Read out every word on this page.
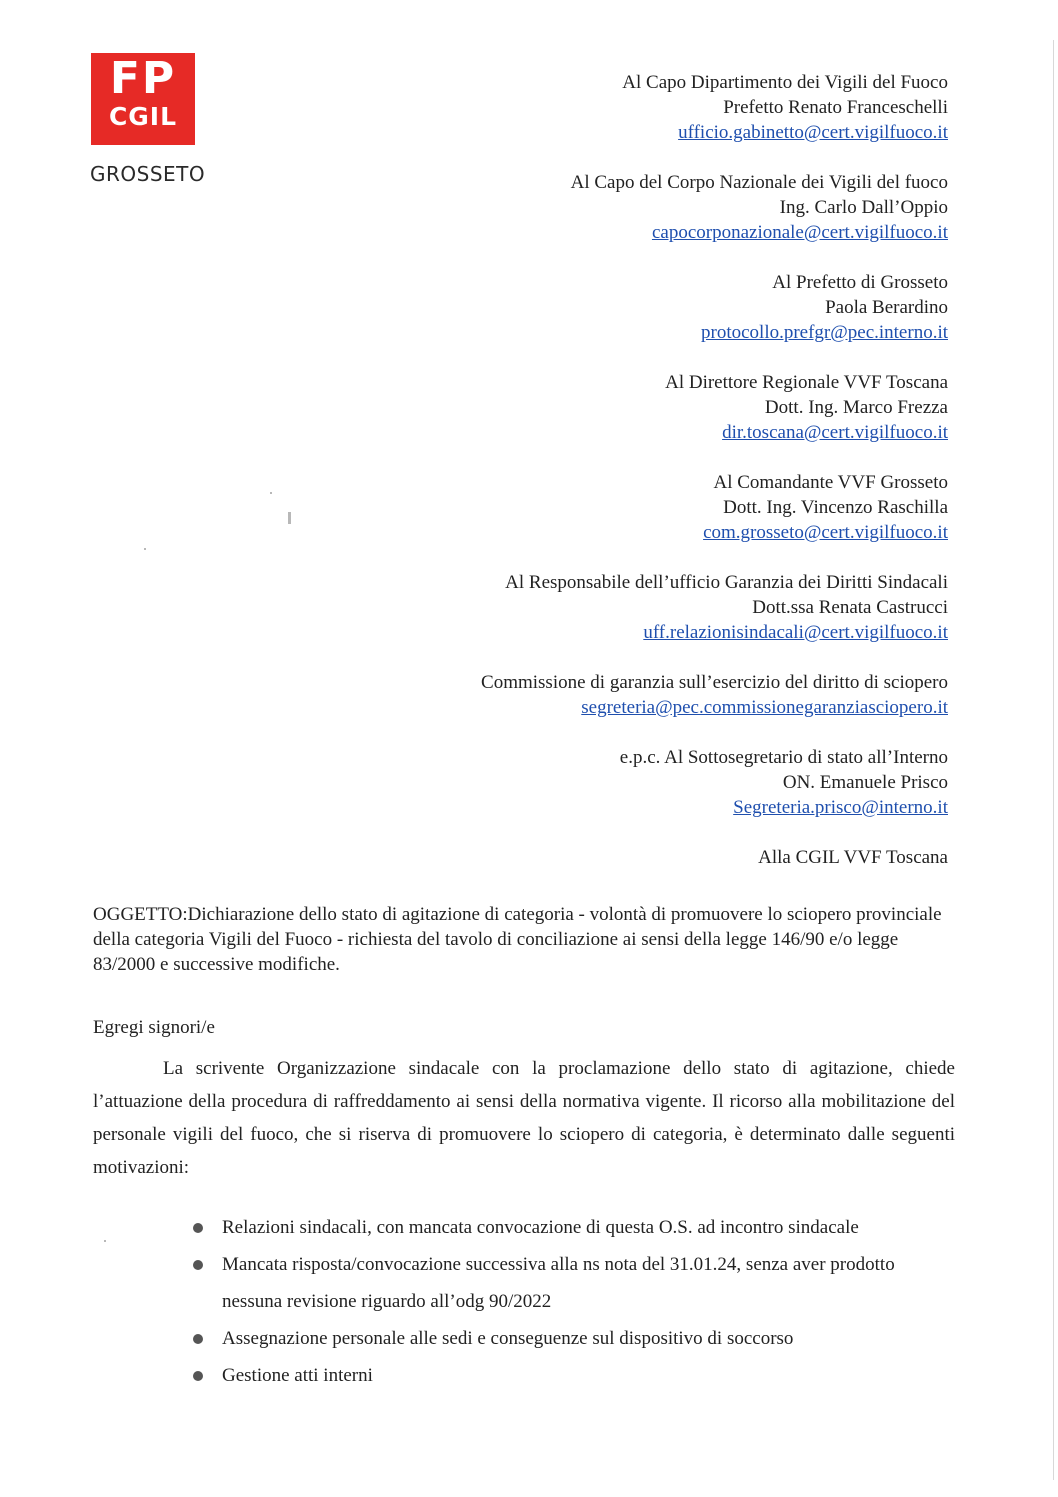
FP
CGIL
GROSSETO
Al Capo Dipartimento dei Vigili del Fuoco
Prefetto Renato Franceschelli
ufficio.gabinetto@cert.vigilfuoco.it
Al Capo del Corpo Nazionale dei Vigili del fuoco
Ing. Carlo Dall’Oppio
capocorponazionale@cert.vigilfuoco.it
Al Prefetto di Grosseto
Paola Berardino
protocollo.prefgr@pec.interno.it
Al Direttore Regionale VVF Toscana
Dott. Ing. Marco Frezza
dir.toscana@cert.vigilfuoco.it
Al Comandante VVF Grosseto
Dott. Ing. Vincenzo Raschilla
com.grosseto@cert.vigilfuoco.it
Al Responsabile dell’ufficio Garanzia dei Diritti Sindacali
Dott.ssa Renata Castrucci
uff.relazionisindacali@cert.vigilfuoco.it
Commissione di garanzia sull’esercizio del diritto di sciopero
segreteria@pec.commissionegaranziasciopero.it
e.p.c. Al Sottosegretario di stato all’Interno
ON. Emanuele Prisco
Segreteria.prisco@interno.it
Alla CGIL VVF Toscana
OGGETTO:Dichiarazione dello stato di agitazione di categoria - volontà di promuovere lo sciopero provinciale della categoria Vigili del Fuoco - richiesta del tavolo di conciliazione ai sensi della legge 146/90 e/o legge 83/2000 e successive modifiche.
Egregi signori/e
La scrivente Organizzazione sindacale con la proclamazione dello stato di agitazione, chiede l’attuazione della procedura di raffreddamento ai sensi della normativa vigente. Il ricorso alla mobilitazione del personale vigili del fuoco, che si riserva di promuovere lo sciopero di categoria, è determinato dalle seguenti motivazioni:
Relazioni sindacali, con mancata convocazione di questa O.S. ad incontro sindacale
Mancata risposta/convocazione successiva alla ns nota del 31.01.24, senza aver prodotto nessuna revisione riguardo all’odg 90/2022
Assegnazione personale alle sedi e conseguenze sul dispositivo di soccorso
Gestione atti interni
